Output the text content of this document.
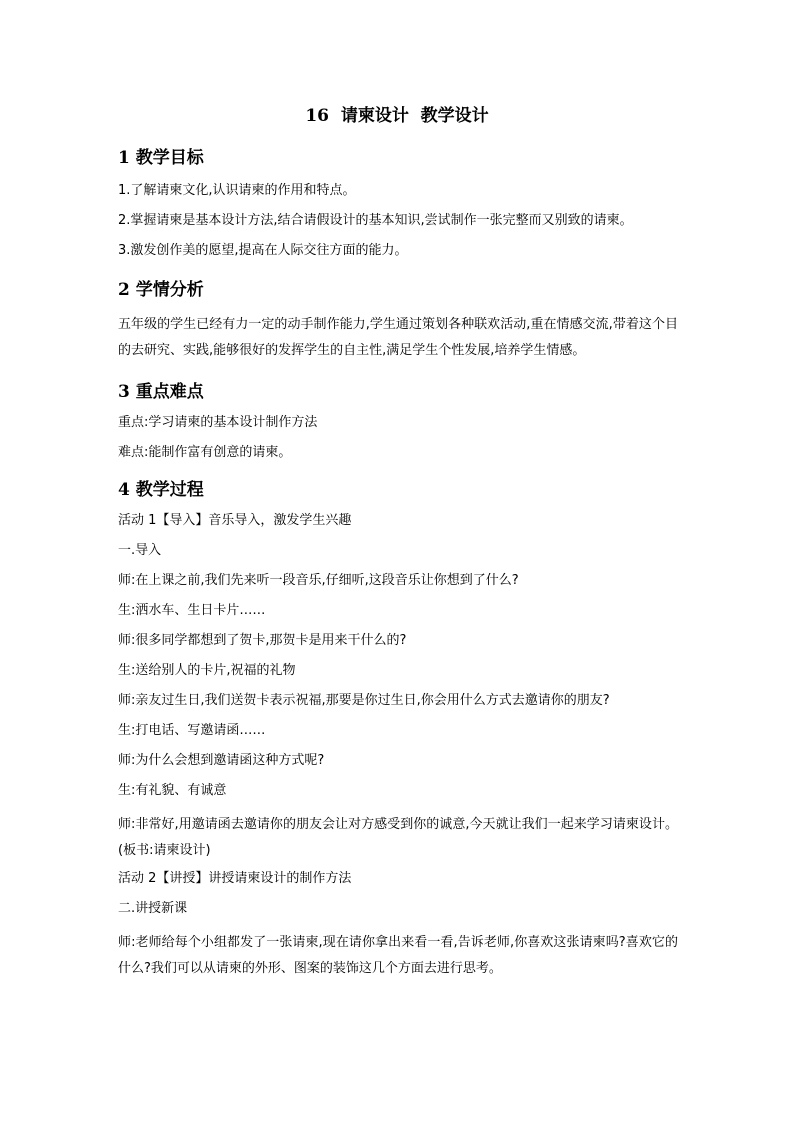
16  请柬设计  教学设计
1 教学目标
1.了解请柬文化,认识请柬的作用和特点。
2.掌握请柬是基本设计方法,结合请假设计的基本知识,尝试制作一张完整而又别致的请柬。
3.激发创作美的愿望,提高在人际交往方面的能力。
2 学情分析
五年级的学生已经有力一定的动手制作能力,学生通过策划各种联欢活动,重在情感交流,带着这个目的去研究、实践,能够很好的发挥学生的自主性,满足学生个性发展,培养学生情感。
3 重点难点
重点:学习请柬的基本设计制作方法
难点:能制作富有创意的请柬。
4 教学过程
活动 1【导入】音乐导入，激发学生兴趣
一.导入
师:在上课之前,我们先来听一段音乐,仔细听,这段音乐让你想到了什么?
生:洒水车、生日卡片……
师:很多同学都想到了贺卡,那贺卡是用来干什么的?
生:送给别人的卡片,祝福的礼物
师:亲友过生日,我们送贺卡表示祝福,那要是你过生日,你会用什么方式去邀请你的朋友?
生:打电话、写邀请函……
师:为什么会想到邀请函这种方式呢?
生:有礼貌、有诚意
师:非常好,用邀请函去邀请你的朋友会让对方感受到你的诚意,今天就让我们一起来学习请柬设计。(板书:请柬设计)
活动 2【讲授】讲授请柬设计的制作方法
二.讲授新课
师:老师给每个小组都发了一张请柬,现在请你拿出来看一看,告诉老师,你喜欢这张请柬吗?喜欢它的什么?我们可以从请柬的外形、图案的装饰这几个方面去进行思考。
